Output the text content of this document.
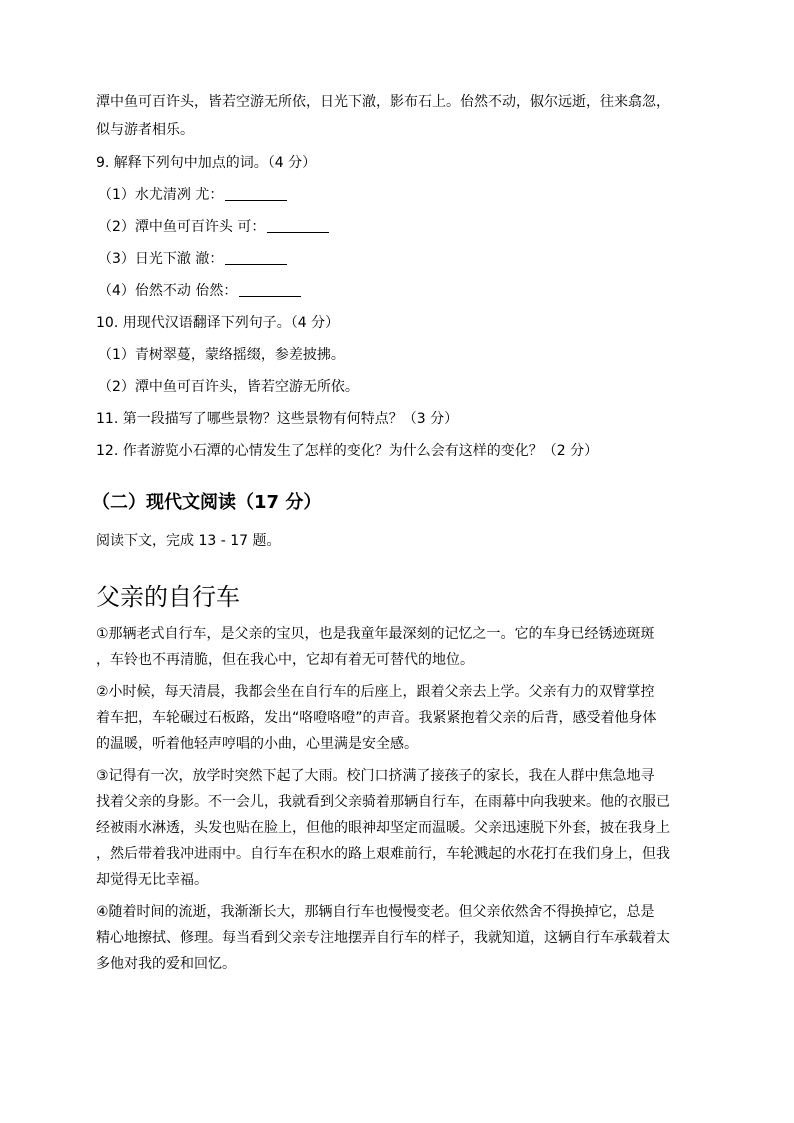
潭中鱼可百许头，皆若空游无所依，日光下澈，影布石上。佁然不动，俶尔远逝，往来翕忽，

似与游者相乐。

9. 解释下列句中加点的词。（4 分）

（1）水尤清冽 尤：

（2）潭中鱼可百许头 可：

（3）日光下澈 澈：

（4）佁然不动 佁然：

10. 用现代汉语翻译下列句子。（4 分）

（1）青树翠蔓，蒙络摇缀，参差披拂。

（2）潭中鱼可百许头，皆若空游无所依。

11. 第一段描写了哪些景物？这些景物有何特点？（3 分）

12. 作者游览小石潭的心情发生了怎样的变化？为什么会有这样的变化？（2 分）

（二）现代文阅读（17 分）

阅读下文，完成 13 - 17 题。

父亲的自行车

①那辆老式自行车，是父亲的宝贝，也是我童年最深刻的记忆之一。它的车身已经锈迹斑斑

，车铃也不再清脆，但在我心中，它却有着无可替代的地位。

②小时候，每天清晨，我都会坐在自行车的后座上，跟着父亲去上学。父亲有力的双臂掌控

着车把，车轮碾过石板路，发出“咯噔咯噔”的声音。我紧紧抱着父亲的后背，感受着他身体

的温暖，听着他轻声哼唱的小曲，心里满是安全感。

③记得有一次，放学时突然下起了大雨。校门口挤满了接孩子的家长，我在人群中焦急地寻

找着父亲的身影。不一会儿，我就看到父亲骑着那辆自行车，在雨幕中向我驶来。他的衣服已

经被雨水淋透，头发也贴在脸上，但他的眼神却坚定而温暖。父亲迅速脱下外套，披在我身上

，然后带着我冲进雨中。自行车在积水的路上艰难前行，车轮溅起的水花打在我们身上，但我

却觉得无比幸福。

④随着时间的流逝，我渐渐长大，那辆自行车也慢慢变老。但父亲依然舍不得换掉它，总是

精心地擦拭、修理。每当看到父亲专注地摆弄自行车的样子，我就知道，这辆自行车承载着太

多他对我的爱和回忆。
